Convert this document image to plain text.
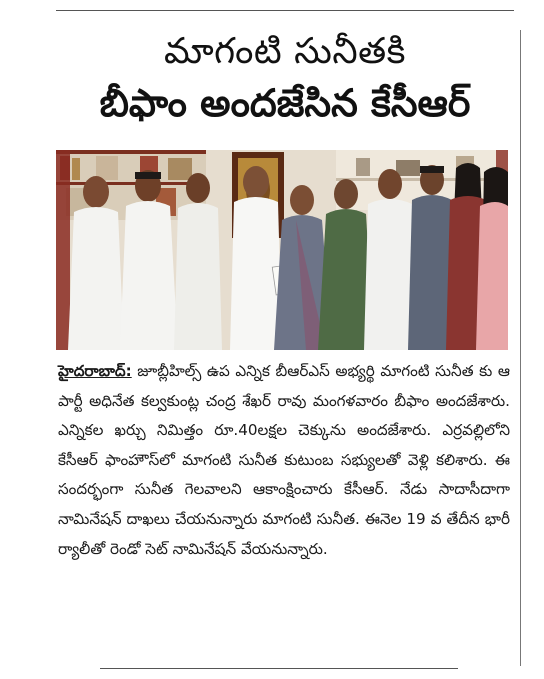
మాగంటి సునీతకి
బీఫాం అందజేసిన కేసీఆర్
హైదరాబాద్: జూబ్లీహిల్స్ ఉప ఎన్నిక బీఆర్ఎస్ అభ్యర్థి మాగంటి సునీత కు ఆ పార్టీ అధినేత కల్వకుంట్ల చంద్ర శేఖర్ రావు మంగళవారం బీఫాం అందజేశారు. ఎన్నికల ఖర్చు నిమిత్తం రూ.40లక్షల చెక్కును అందజేశారు. ఎర్రవల్లిలోని కేసీఆర్ ఫాంహౌస్‌లో మాగంటి సునీత కుటుంబ సభ్యులతో వెళ్లి కలిశారు. ఈ సందర్భంగా సునీత గెలవాలని ఆకాంక్షించారు కేసీఆర్. నేడు సాదాసీదాగా నామినేషన్ దాఖలు చేయనున్నారు మాగంటి సునీత. ఈనెల 19 వ తేదీన భారీ ర్యాలీతో రెండో సెట్ నామినేషన్ వేయనున్నారు.
